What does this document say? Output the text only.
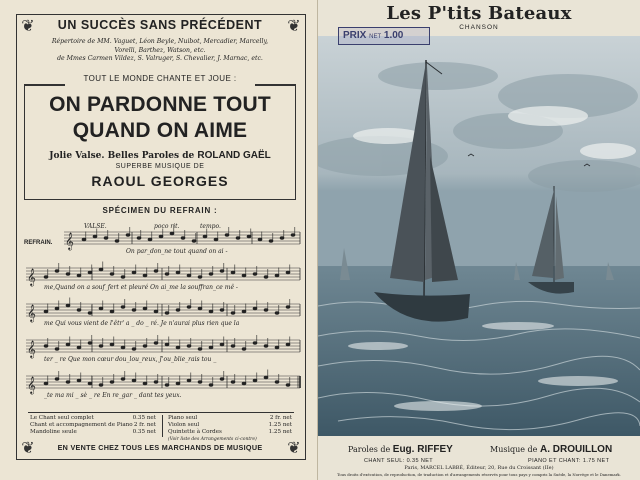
❦	❦
❦	❦
UN SUCCÈS SANS PRÉCÉDENT
Répertoire de MM. Vaguet, Léon Beyle, Nuibot, Mercadier, Marcelly,
Vorelli, Barthez, Watson, etc.
de Mmes Carmen Vildez, S. Valruger, S. Chevalier, J. Marnac, etc.
TOUT LE MONDE CHANTE ET JOUE :
ON PARDONNE TOUT
QUAND ON AIME
Jolie Valse. Belles Paroles de ROLAND GAËL
SUPERBE MUSIQUE DE
RAOUL GEORGES
SPÉCIMEN DU REFRAIN :
𝄞
𝄞
𝄞
𝄞
𝄞
REFRAIN.
VALSE.	poco rit.	tempo.
On par_don_ne tout quand on ai -
me,Quand on a souf_fert et pleuré On ai_me la souffran_ce mê -
me Qui vous vient de l'êtr' a _ do _ ré. Je n'aurai plus rien que la
ter _ re Que mon cœur dou_lou_reux, J'ou_blie_rais tou _
_te ma mi _ sè _ re En re_gar _ dant tes yeux.
Le Chant seul complet	0.35 net
Chant et accompagnement de Piano 2 fr. net
Mandoline seule	0.35 net
Piano seul	2 fr. net
Violon seul	1.25 net
Quintette à Cordes	1.25 net
(Voir liste des Arrangements ci-contre)
EN VENTE CHEZ TOUS LES MARCHANDS DE MUSIQUE
Les P'tits Bateaux
CHANSON
PRIX NET 1.00
Paroles de Eug. RIFFEY	Musique de A. DROUILLON
CHANT SEUL: 0.35 NET	PIANO ET CHANT: 1.75 NET
Paris, MARCEL LABBÉ, Éditeur, 20, Rue du Croissant (IIe)
Tous droits d'exécution, de reproduction, de traduction et d'arrangements réservés pour tous pays y compris la Suède, la Norvège et le Danemark.
